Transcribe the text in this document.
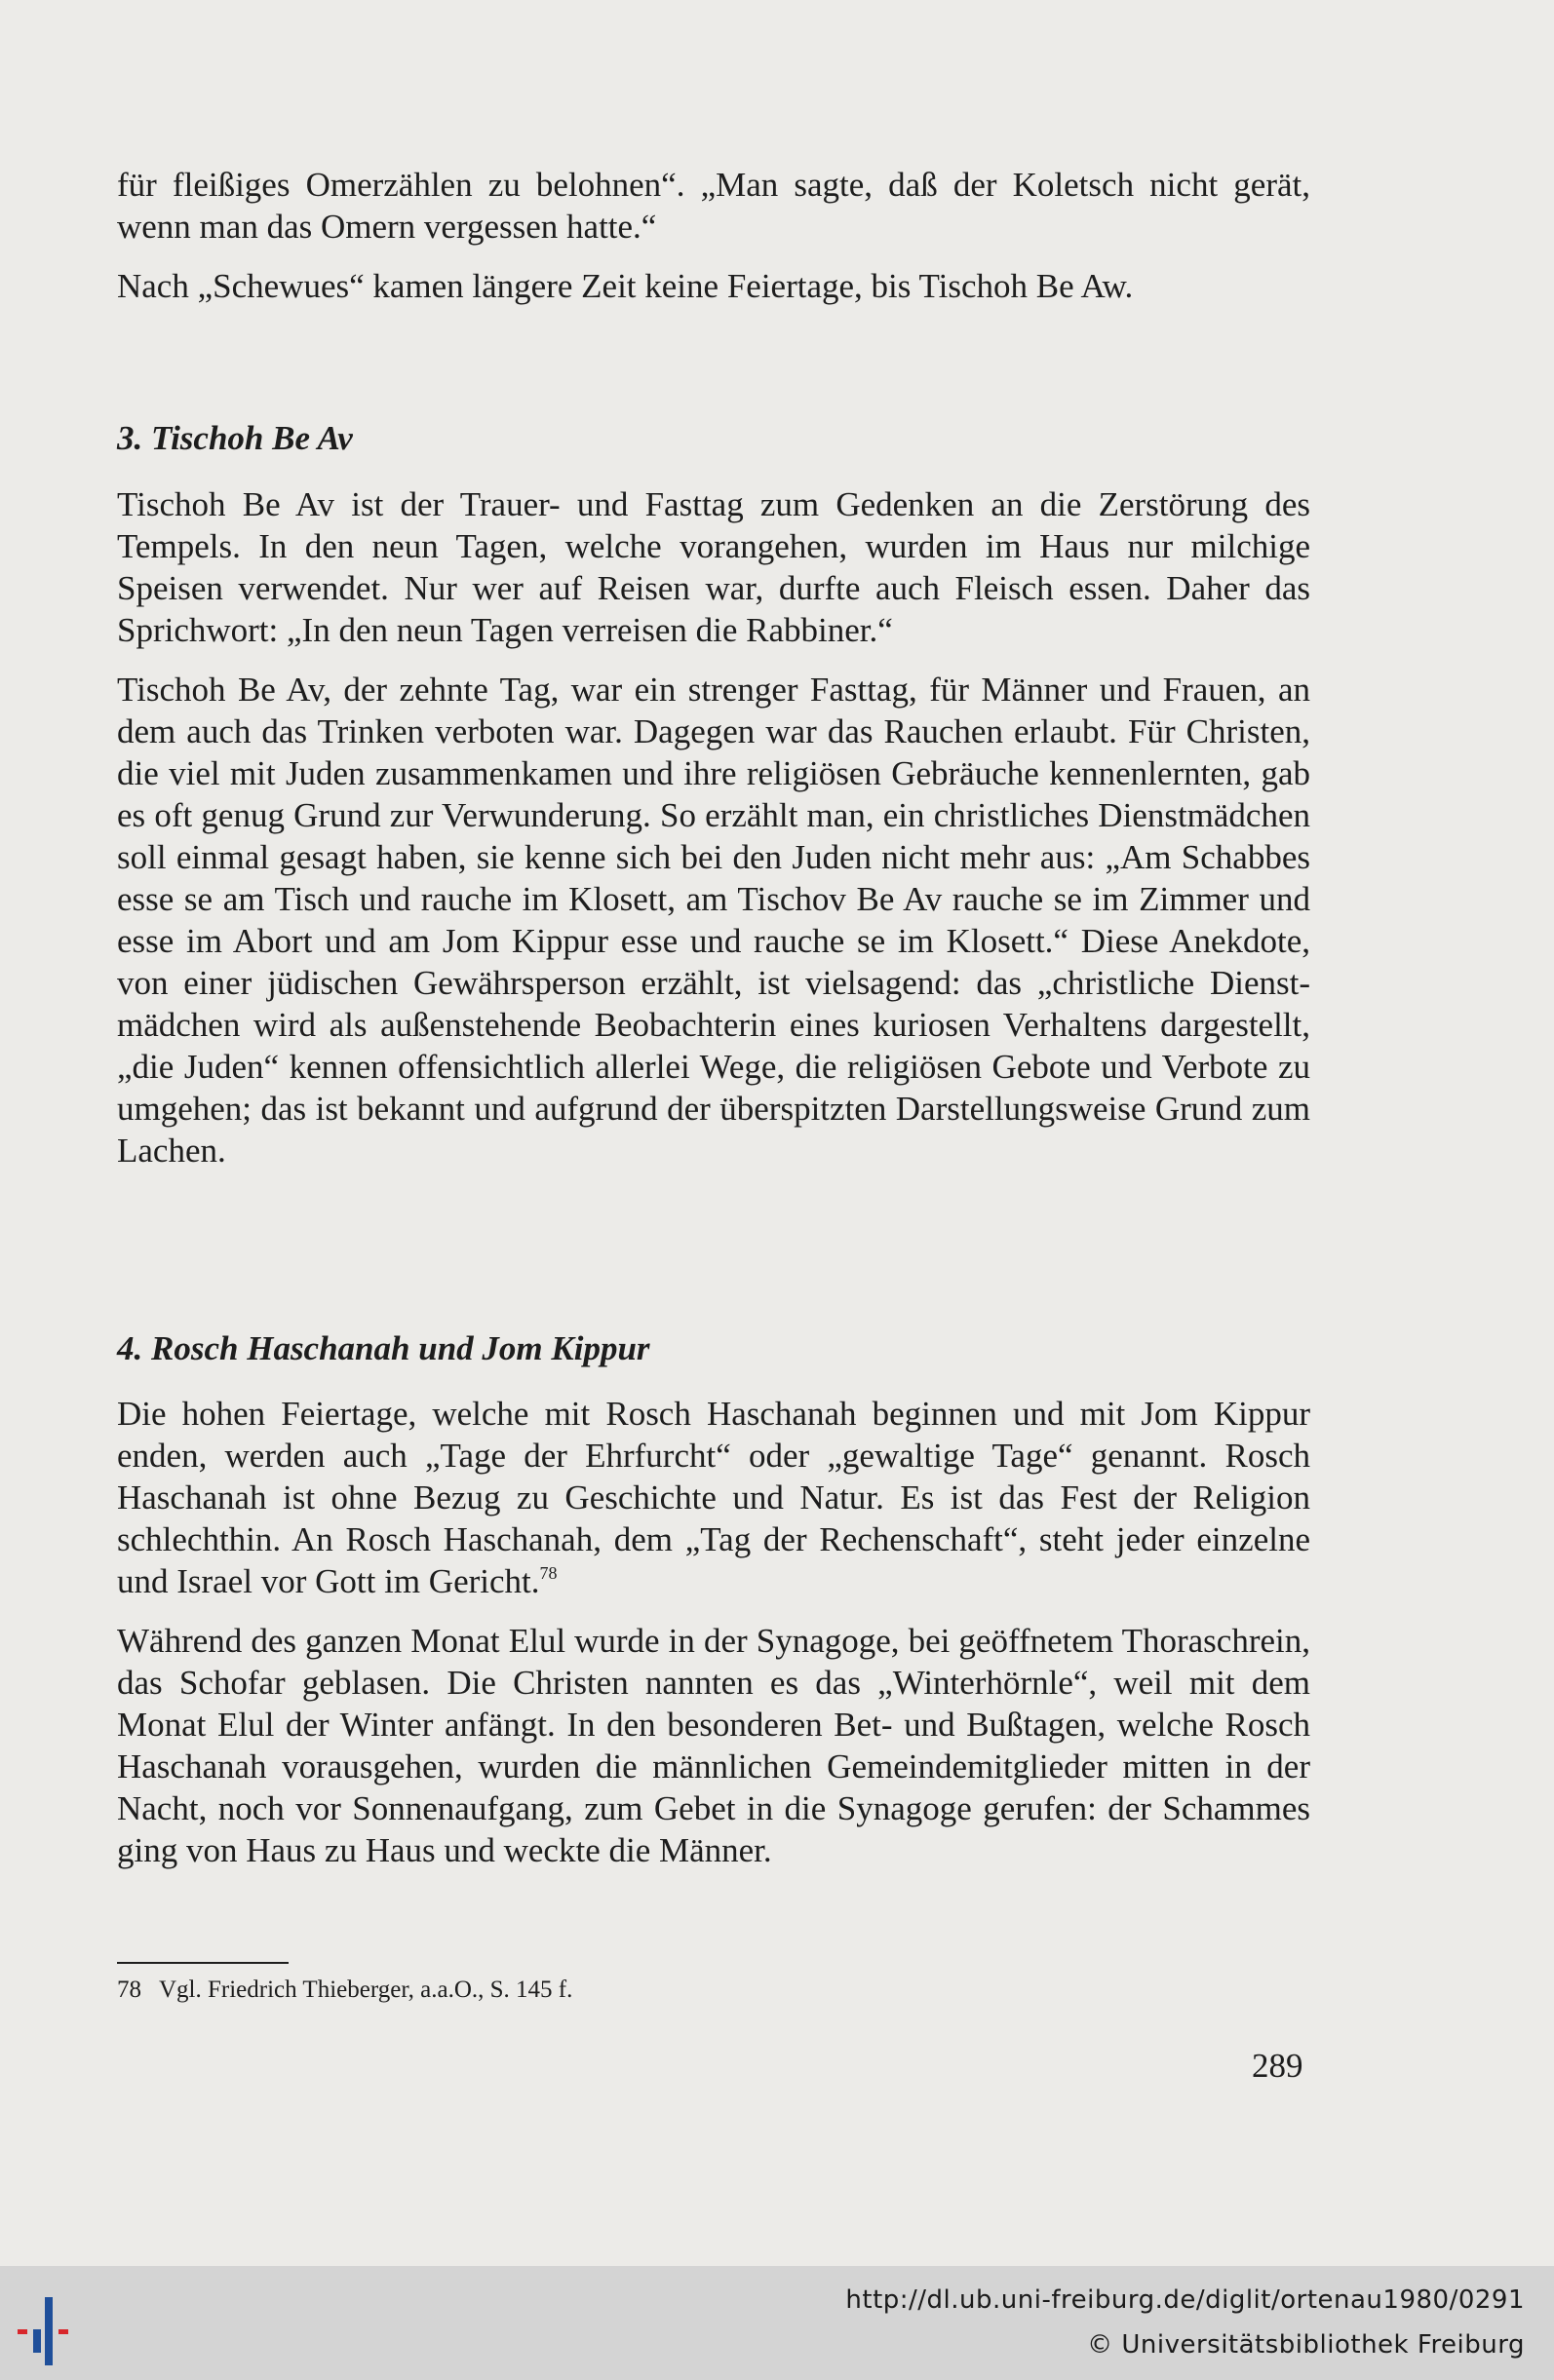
für fleißiges Omerzählen zu belohnen“. „Man sagte, daß der Koletsch nicht gerät, wenn man das Omern vergessen hatte.“

Nach „Schewues“ kamen längere Zeit keine Feiertage, bis Tischoh Be Aw.

3. Tischoh Be Av

Tischoh Be Av ist der Trauer- und Fasttag zum Gedenken an die Zerstörung des Tempels. In den neun Tagen, welche vorangehen, wurden im Haus nur milchige Speisen verwendet. Nur wer auf Reisen war, durfte auch Fleisch essen. Daher das Sprichwort: „In den neun Tagen verreisen die Rabbiner.“

Tischoh Be Av, der zehnte Tag, war ein strenger Fasttag, für Männer und Frauen, an dem auch das Trinken verboten war. Dagegen war das Rauchen erlaubt. Für Christen, die viel mit Juden zusammenkamen und ihre religiösen Gebräuche kennenlernten, gab es oft genug Grund zur Verwunderung. So erzählt man, ein christliches Dienstmädchen soll einmal gesagt haben, sie kenne sich bei den Juden nicht mehr aus: „Am Schabbes esse se am Tisch und rauche im Klosett, am Tischov Be Av rauche se im Zimmer und esse im Abort und am Jom Kippur esse und rauche se im Klosett.“ Diese Anekdote, von einer jüdischen Gewährsperson erzählt, ist vielsagend: das „christliche Dienstmädchen wird als außenstehende Beobachterin eines kuriosen Verhaltens dargestellt, „die Juden“ kennen offensichtlich allerlei Wege, die religiösen Gebote und Verbote zu umgehen; das ist bekannt und aufgrund der überspitzten Darstellungsweise Grund zum Lachen.

4. Rosch Haschanah und Jom Kippur

Die hohen Feiertage, welche mit Rosch Haschanah beginnen und mit Jom Kippur enden, werden auch „Tage der Ehrfurcht“ oder „gewaltige Tage“ genannt. Rosch Haschanah ist ohne Bezug zu Geschichte und Natur. Es ist das Fest der Religion schlechthin. An Rosch Haschanah, dem „Tag der Rechenschaft“, steht jeder einzelne und Israel vor Gott im Gericht.$^{78}$

Während des ganzen Monat Elul wurde in der Synagoge, bei geöffnetem Thoraschrein, das Schofar geblasen. Die Christen nannten es das „Winterhörnle“, weil mit dem Monat Elul der Winter anfängt. In den besonderen Bet- und Bußtagen, welche Rosch Haschanah vorausgehen, wurden die männlichen Gemeindemitglieder mitten in der Nacht, noch vor Sonnenaufgang, zum Gebet in die Synagoge gerufen: der Schammes ging von Haus zu Haus und weckte die Männer.

78 Vgl. Friedrich Thieberger, a.a.O., S. 145 f.
289
http://dl.ub.uni-freiburg.de/diglit/ortenau1980/0291
© Universitätsbibliothek Freiburg
